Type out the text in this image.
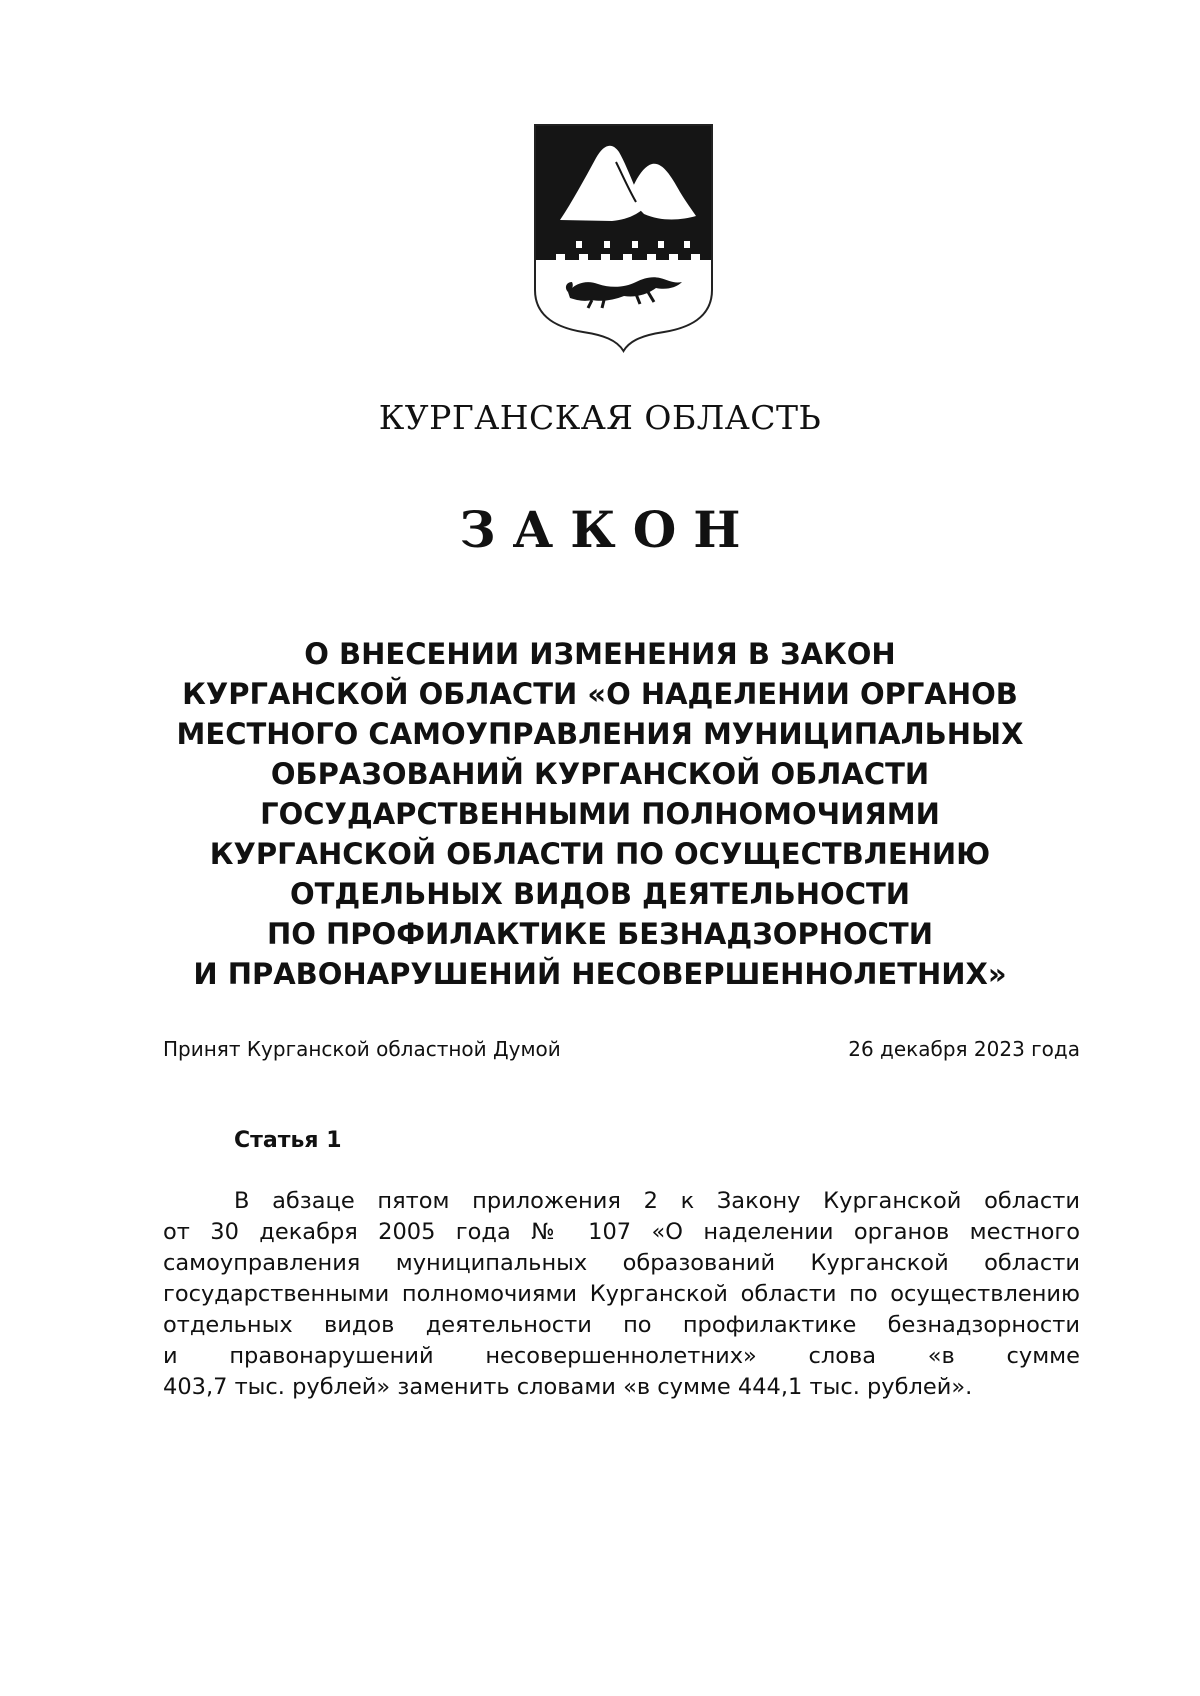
КУРГАНСКАЯ ОБЛАСТЬ
ЗАКОН
О ВНЕСЕНИИ ИЗМЕНЕНИЯ В ЗАКОН
КУРГАНСКОЙ ОБЛАСТИ «О НАДЕЛЕНИИ ОРГАНОВ
МЕСТНОГО САМОУПРАВЛЕНИЯ МУНИЦИПАЛЬНЫХ
ОБРАЗОВАНИЙ КУРГАНСКОЙ ОБЛАСТИ
ГОСУДАРСТВЕННЫМИ ПОЛНОМОЧИЯМИ
КУРГАНСКОЙ ОБЛАСТИ ПО ОСУЩЕСТВЛЕНИЮ
ОТДЕЛЬНЫХ ВИДОВ ДЕЯТЕЛЬНОСТИ
ПО ПРОФИЛАКТИКЕ БЕЗНАДЗОРНОСТИ
И ПРАВОНАРУШЕНИЙ НЕСОВЕРШЕННОЛЕТНИХ»
Принят Курганской областной Думой	26 декабря 2023 года
Статья 1
В абзаце пятом приложения 2 к Закону Курганской области
от 30 декабря 2005 года № 107 «О наделении органов местного
самоуправления муниципальных образований Курганской области
государственными полномочиями Курганской области по осуществлению
отдельных видов деятельности по профилактике безнадзорности
и правонарушений несовершеннолетних» слова «в сумме
403,7 тыс. рублей» заменить словами «в сумме 444,1 тыс. рублей».
